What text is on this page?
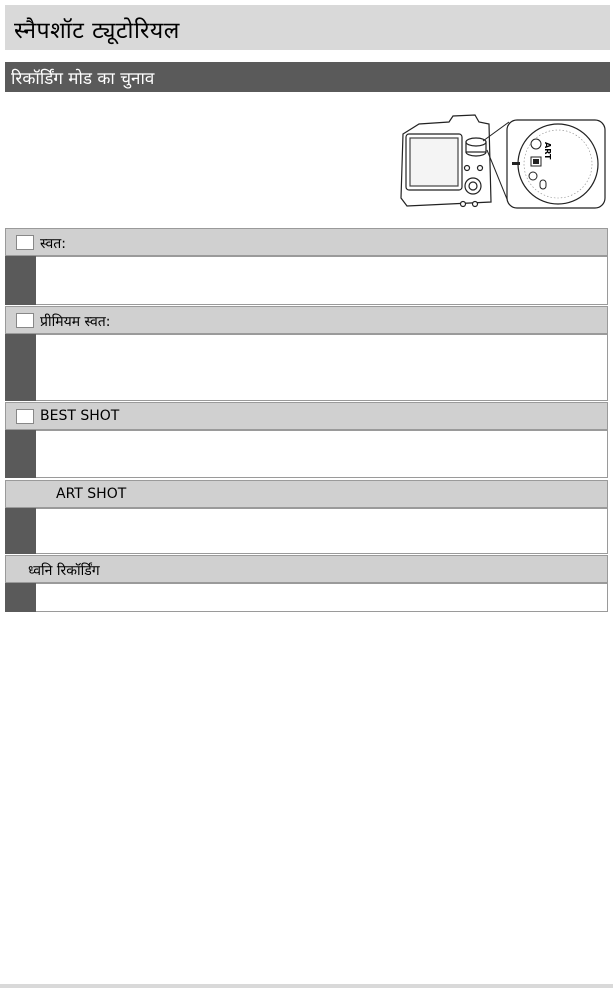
स्नैपशॉट ट्यूटोरियल
रिकॉर्डिंग मोड का चुनाव
ART
स्वत:
प्रीमियम स्वत:
BEST SHOT
ART SHOT
ध्वनि रिकॉर्डिंग
